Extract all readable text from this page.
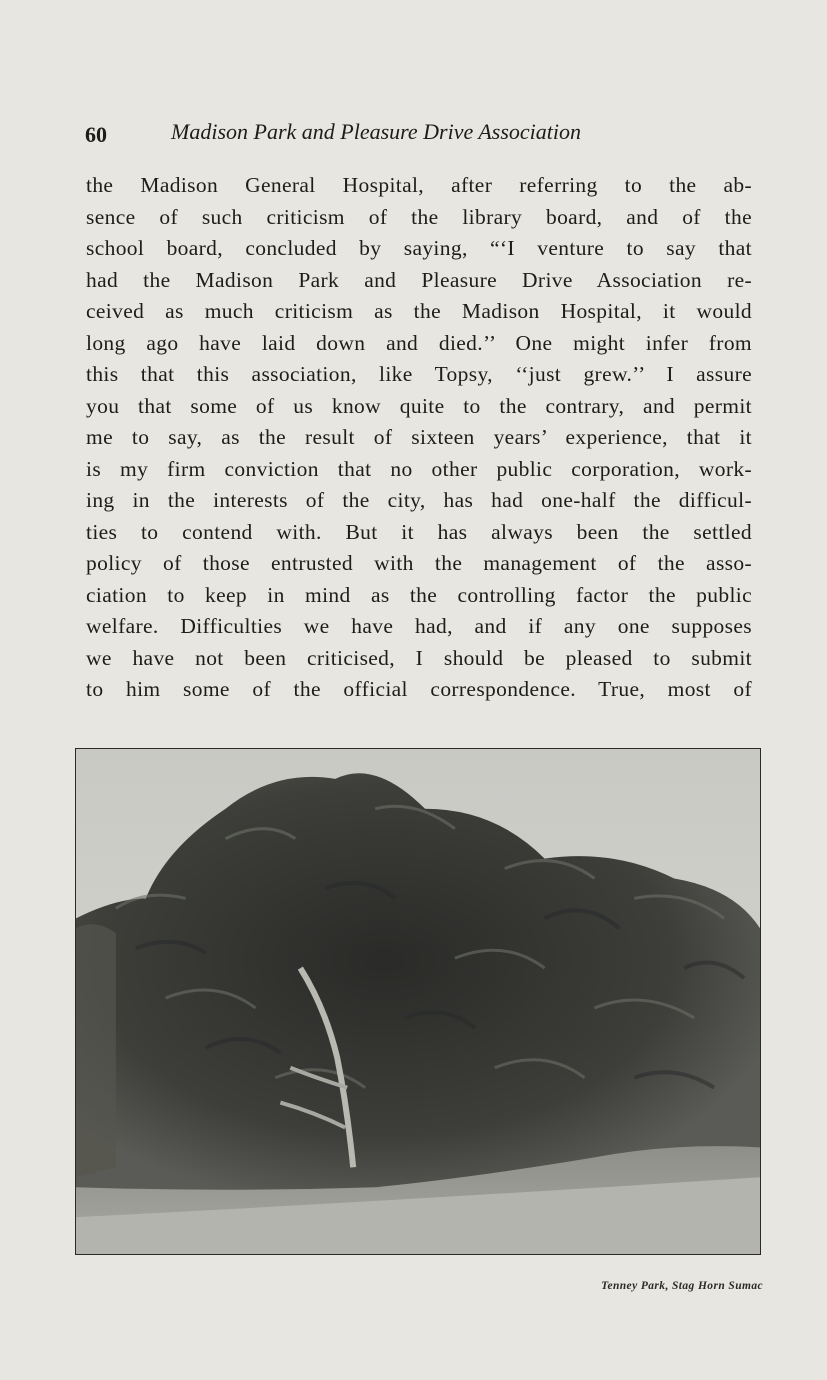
60	Madison Park and Pleasure Drive Association
the Madison General Hospital, after referring to the ab-
sence of such criticism of the library board, and of the
school board, concluded by saying, “‘I venture to say that
had the Madison Park and Pleasure Drive Association re-
ceived as much criticism as the Madison Hospital, it would
long ago have laid down and died.’’ One might infer from
this that this association, like Topsy, ‘‘just grew.’’ I assure
you that some of us know quite to the contrary, and permit
me to say, as the result of sixteen years’ experience, that it
is my firm conviction that no other public corporation, work-
ing in the interests of the city, has had one-half the difficul-
ties to contend with. But it has always been the settled
policy of those entrusted with the management of the asso-
ciation to keep in mind as the controlling factor the public
welfare. Difficulties we have had, and if any one supposes
we have not been criticised, I should be pleased to submit
to him some of the official correspondence. True, most of
Tenney Park, Stag Horn Sumac
